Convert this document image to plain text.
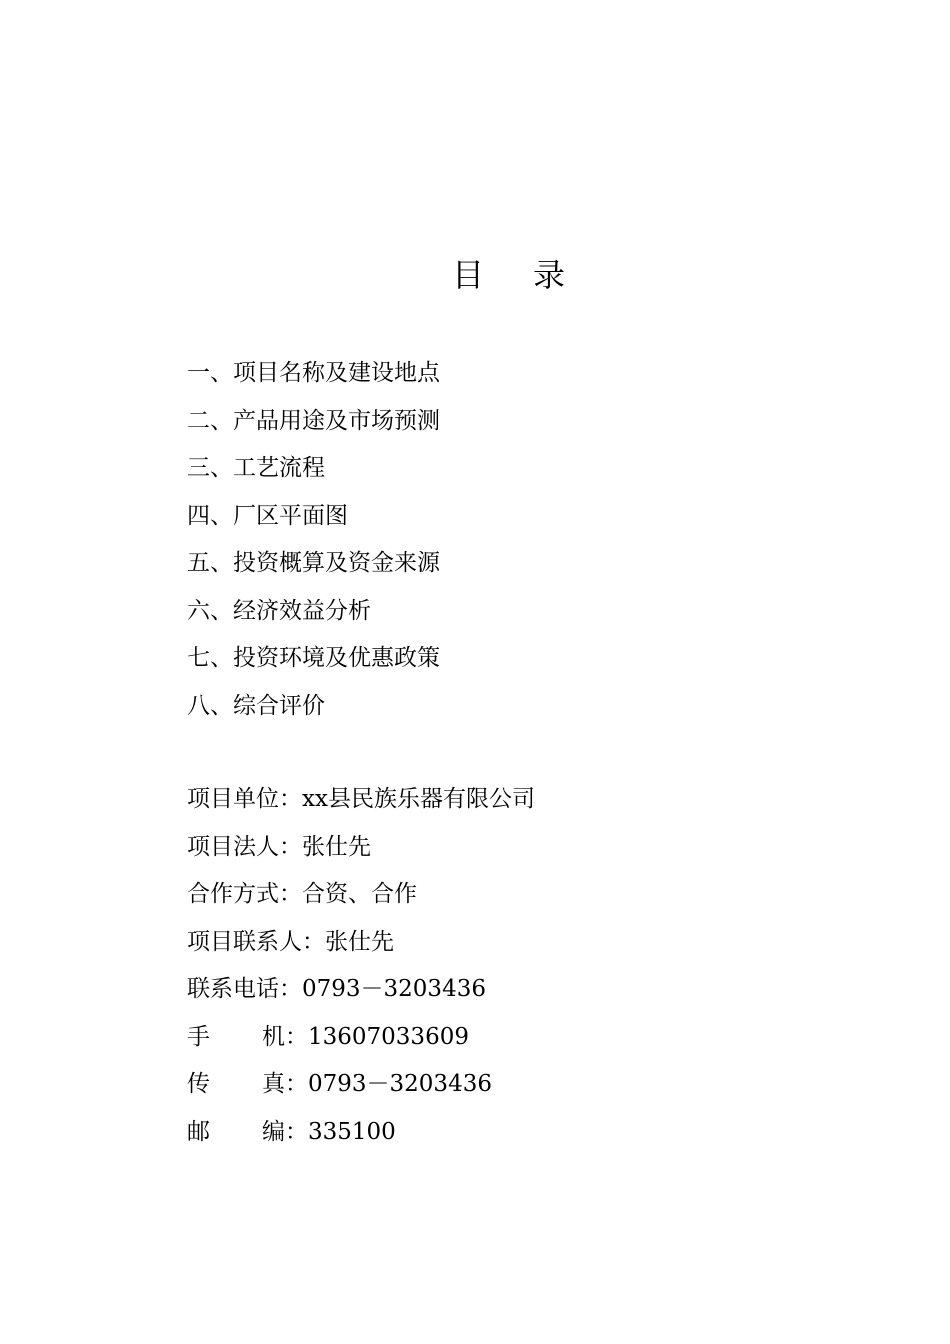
目 录
一、项目名称及建设地点
二、产品用途及市场预测
三、工艺流程
四、厂区平面图
五、投资概算及资金来源
六、经济效益分析
七、投资环境及优惠政策
八、综合评价
项目单位：xx县民族乐器有限公司
项目法人：张仕先
合作方式：合资、合作
项目联系人：张仕先
联系电话：0793－3203436
手 机 ：13607033609
传 真 ：0793－3203436
邮 编 ：335100
